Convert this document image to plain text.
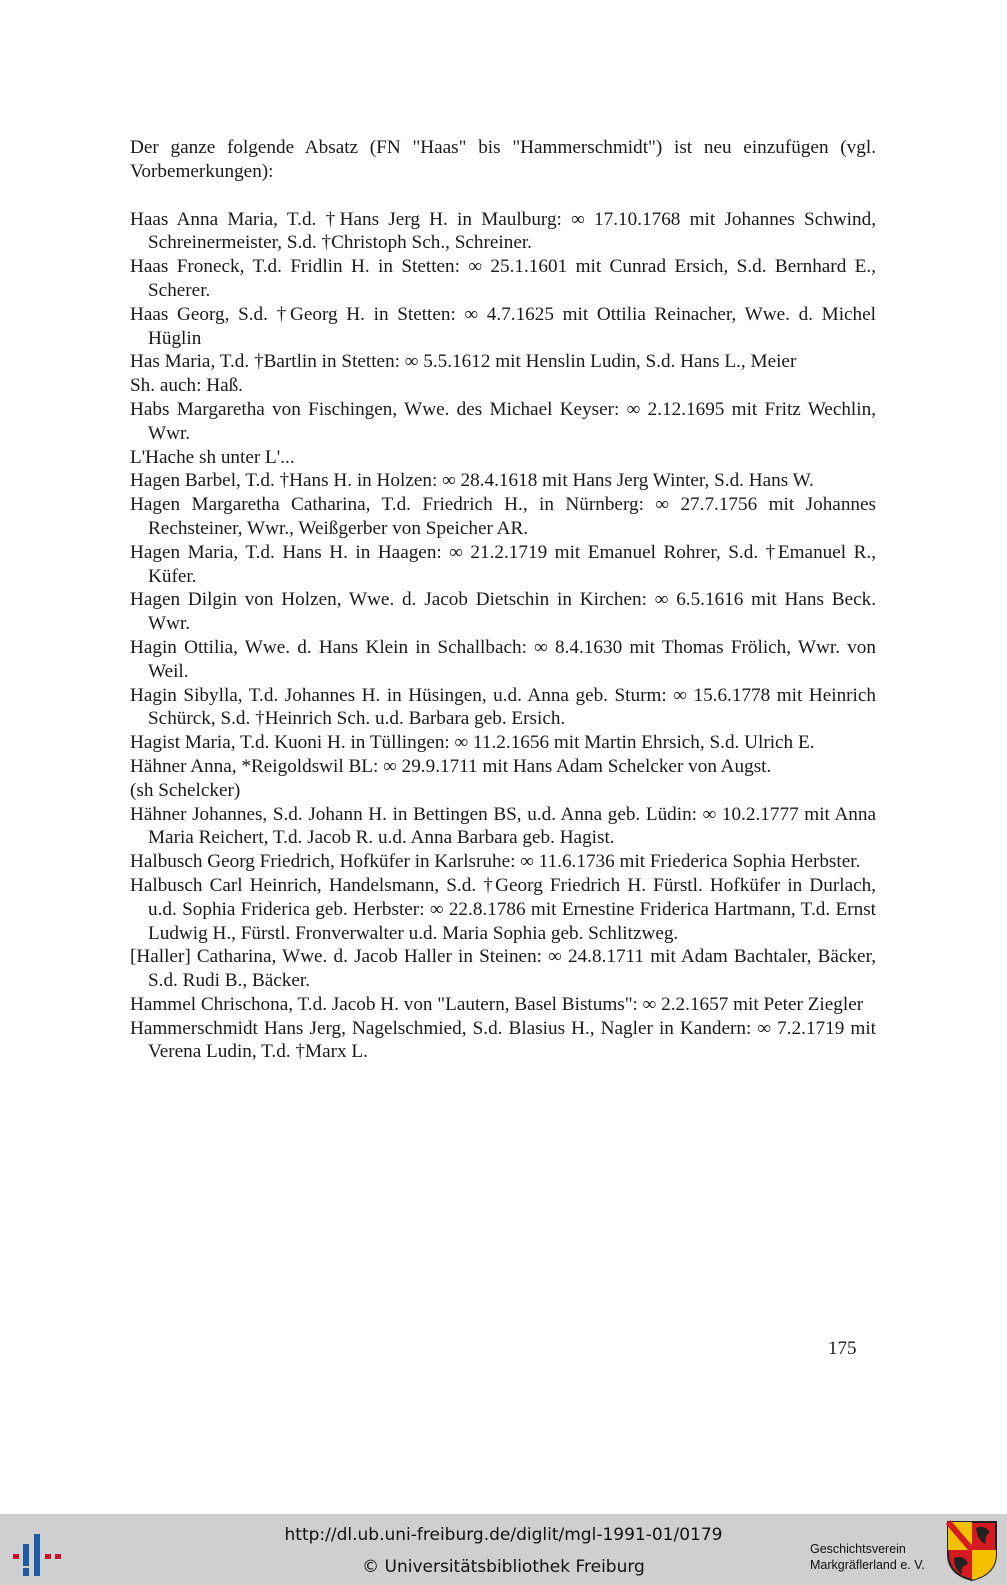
Der ganze folgende Absatz (FN "Haas" bis "Hammerschmidt") ist neu einzufügen (vgl. Vorbemerkungen):

Haas Anna Maria, T.d. †Hans Jerg H. in Maulburg: ∞ 17.10.1768 mit Johannes Schwind, Schreinermeister, S.d. †Christoph Sch., Schreiner.

Haas Froneck, T.d. Fridlin H. in Stetten: ∞ 25.1.1601 mit Cunrad Ersich, S.d. Bernhard E., Scherer.

Haas Georg, S.d. †Georg H. in Stetten: ∞ 4.7.1625 mit Ottilia Reinacher, Wwe. d. Michel Hüglin

Has Maria, T.d. †Bartlin in Stetten: ∞ 5.5.1612 mit Henslin Ludin, S.d. Hans L., Meier

Sh. auch: Haß.

Habs Margaretha von Fischingen, Wwe. des Michael Keyser: ∞ 2.12.1695 mit Fritz Wechlin, Wwr.

L'Hache sh unter L'...

Hagen Barbel, T.d. †Hans H. in Holzen: ∞ 28.4.1618 mit Hans Jerg Winter, S.d. Hans W.

Hagen Margaretha Catharina, T.d. Friedrich H., in Nürnberg: ∞ 27.7.1756 mit Johannes Rechsteiner, Wwr., Weißgerber von Speicher AR.

Hagen Maria, T.d. Hans H. in Haagen: ∞ 21.2.1719 mit Emanuel Rohrer, S.d. †Emanuel R., Küfer.

Hagen Dilgin von Holzen, Wwe. d. Jacob Dietschin in Kirchen: ∞ 6.5.1616 mit Hans Beck. Wwr.

Hagin Ottilia, Wwe. d. Hans Klein in Schallbach: ∞ 8.4.1630 mit Thomas Frölich, Wwr. von Weil.

Hagin Sibylla, T.d. Johannes H. in Hüsingen, u.d. Anna geb. Sturm: ∞ 15.6.1778 mit Heinrich Schürck, S.d. †Heinrich Sch. u.d. Barbara geb. Ersich.

Hagist Maria, T.d. Kuoni H. in Tüllingen: ∞ 11.2.1656 mit Martin Ehrsich, S.d. Ulrich E.

Hähner Anna, *Reigoldswil BL: ∞ 29.9.1711 mit Hans Adam Schelcker von Augst.

(sh Schelcker)

Hähner Johannes, S.d. Johann H. in Bettingen BS, u.d. Anna geb. Lüdin: ∞ 10.2.1777 mit Anna Maria Reichert, T.d. Jacob R. u.d. Anna Barbara geb. Hagist.

Halbusch Georg Friedrich, Hofküfer in Karlsruhe: ∞ 11.6.1736 mit Friederica Sophia Herbster.

Halbusch Carl Heinrich, Handelsmann, S.d. †Georg Friedrich H. Fürstl. Hofküfer in Durlach, u.d. Sophia Friderica geb. Herbster: ∞ 22.8.1786 mit Ernestine Friderica Hartmann, T.d. Ernst Ludwig H., Fürstl. Fronverwalter u.d. Maria Sophia geb. Schlitzweg.

[Haller] Catharina, Wwe. d. Jacob Haller in Steinen: ∞ 24.8.1711 mit Adam Bachtaler, Bäcker, S.d. Rudi B., Bäcker.

Hammel Chrischona, T.d. Jacob H. von "Lautern, Basel Bistums": ∞ 2.2.1657 mit Peter Ziegler

Hammerschmidt Hans Jerg, Nagelschmied, S.d. Blasius H., Nagler in Kandern: ∞ 7.2.1719 mit Verena Ludin, T.d. †Marx L.

175
http://dl.ub.uni-freiburg.de/diglit/mgl-1991-01/0179
© Universitätsbibliothek Freiburg
Geschichtsverein
Markgräflerland e. V.
